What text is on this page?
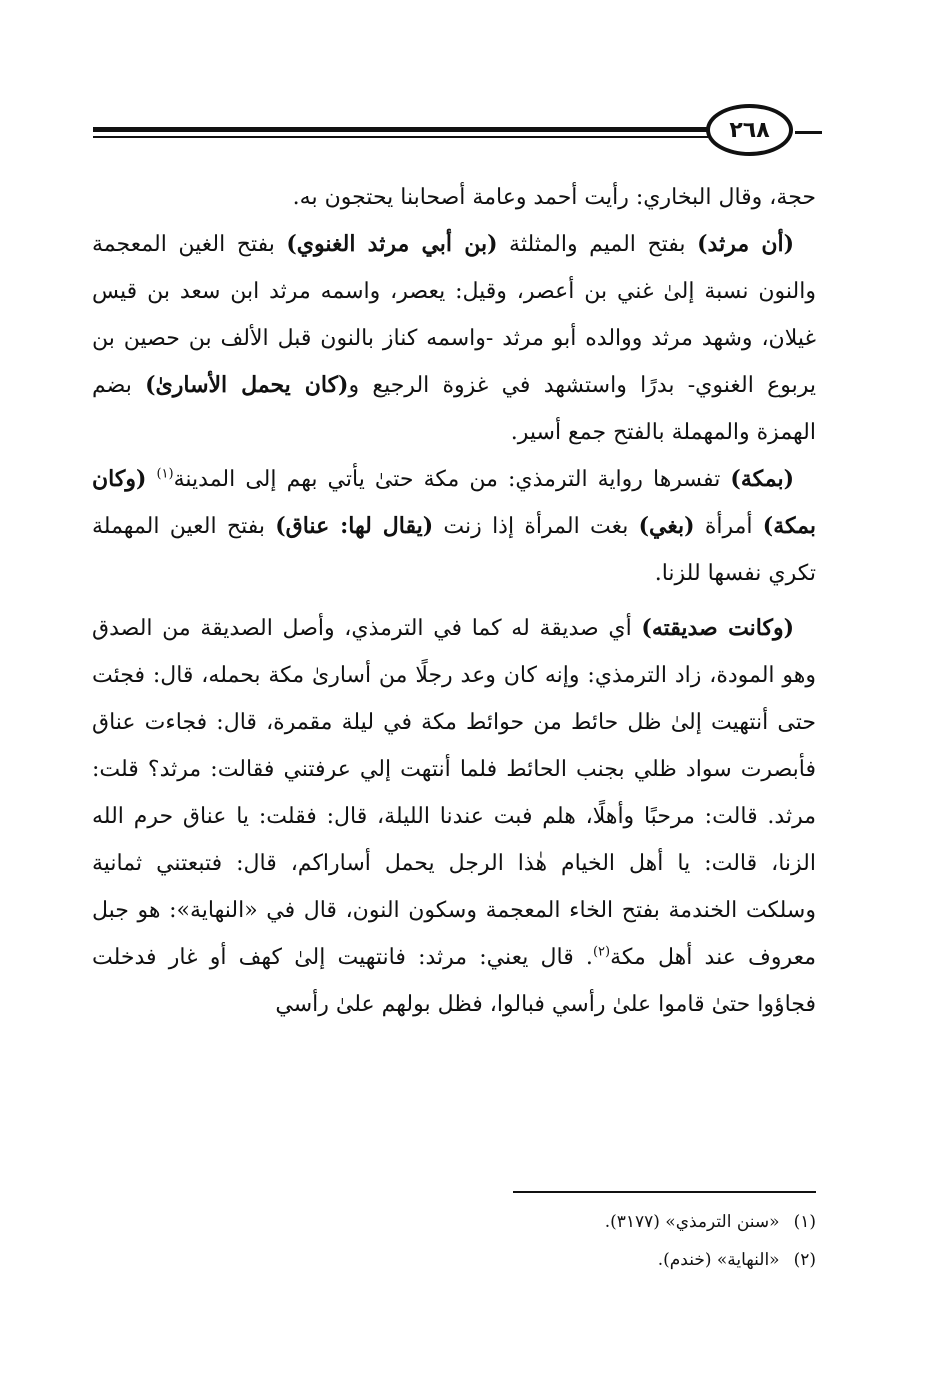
٢٦٨

حجة، وقال البخاري: رأيت أحمد وعامة أصحابنا يحتجون به.

(أن مرثد) بفتح الميم والمثلثة (بن أبي مرثد الغنوي) بفتح الغين المعجمة والنون نسبة إلىٰ غني بن أعصر، وقيل: يعصر، واسمه مرثد ابن سعد بن قيس غيلان، وشهد مرثد ووالده أبو مرثد -واسمه كناز بالنون قبل الألف بن حصين بن يربوع الغنوي- بدرًا واستشهد في غزوة الرجيع و(كان يحمل الأسارىٰ) بضم الهمزة والمهملة بالفتح جمع أسير.

(بمكة) تفسرها رواية الترمذي: من مكة حتىٰ يأتي بهم إلى المدينة$^{(١)}$ (وكان بمكة) أمرأة (بغي) بغت المرأة إذا زنت (يقال لها: عناق) بفتح العين المهملة تكري نفسها للزنا.

(وكانت صديقته) أي صديقة له كما في الترمذي، وأصل الصديقة من الصدق وهو المودة، زاد الترمذي: وإنه كان وعد رجلًا من أسارىٰ مكة بحمله، قال: فجئت حتى أنتهيت إلىٰ ظل حائط من حوائط مكة في ليلة مقمرة، قال: فجاءت عناق فأبصرت سواد ظلي بجنب الحائط فلما أنتهت إلي عرفتني فقالت: مرثد؟ قلت: مرثد. قالت: مرحبًا وأهلًا، هلم فبت عندنا الليلة، قال: فقلت: يا عناق حرم الله الزنا، قالت: يا أهل الخيام هٰذا الرجل يحمل أساراكم، قال: فتبعتني ثمانية وسلكت الخندمة بفتح الخاء المعجمة وسكون النون، قال في «النهاية»: هو جبل معروف عند أهل مكة$^{(٢)}$. قال يعني: مرثد: فانتهيت إلىٰ كهف أو غار فدخلت فجاؤوا حتىٰ قاموا علىٰ رأسي فبالوا، فظل بولهم علىٰ رأسي

(١)
«سنن الترمذي» (٣١٧٧).
(٢)
«النهاية» (خندم).
